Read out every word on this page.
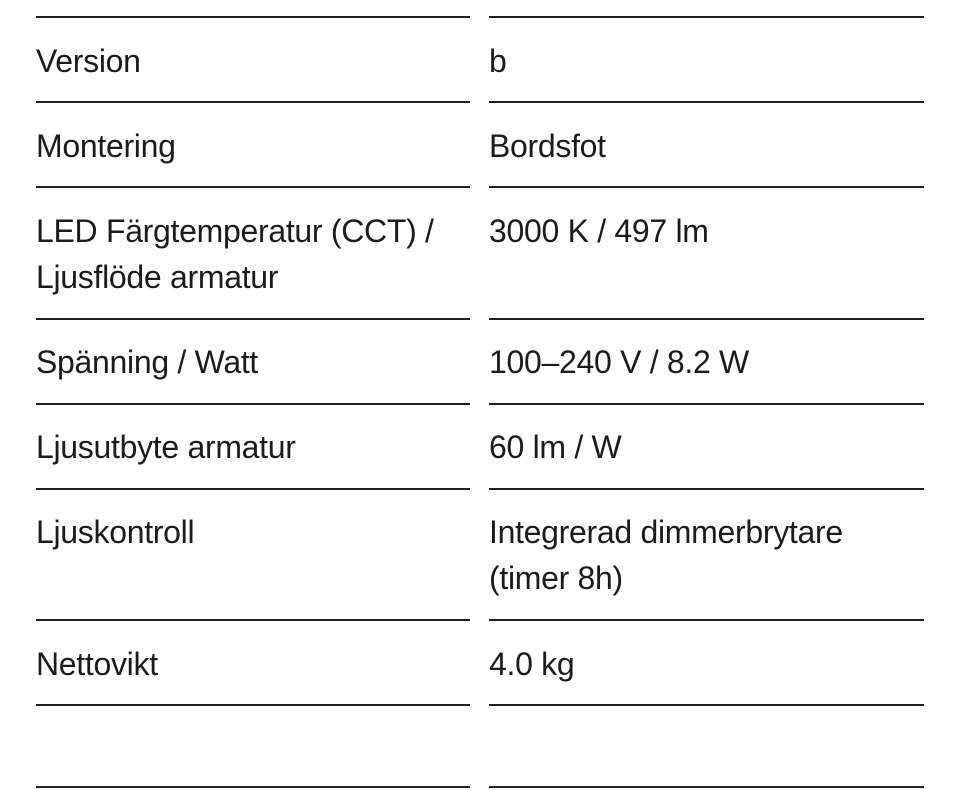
Version
Montering
LED Färgtemperatur (CCT) /
Ljusflöde armatur
Spänning / Watt
Ljusutbyte armatur
Ljuskontroll
Nettovikt
b
Bordsfot
3000 K / 497 lm
100–240 V / 8.2 W
60 lm / W
Integrerad dimmerbrytare
(timer 8h)
4.0 kg
